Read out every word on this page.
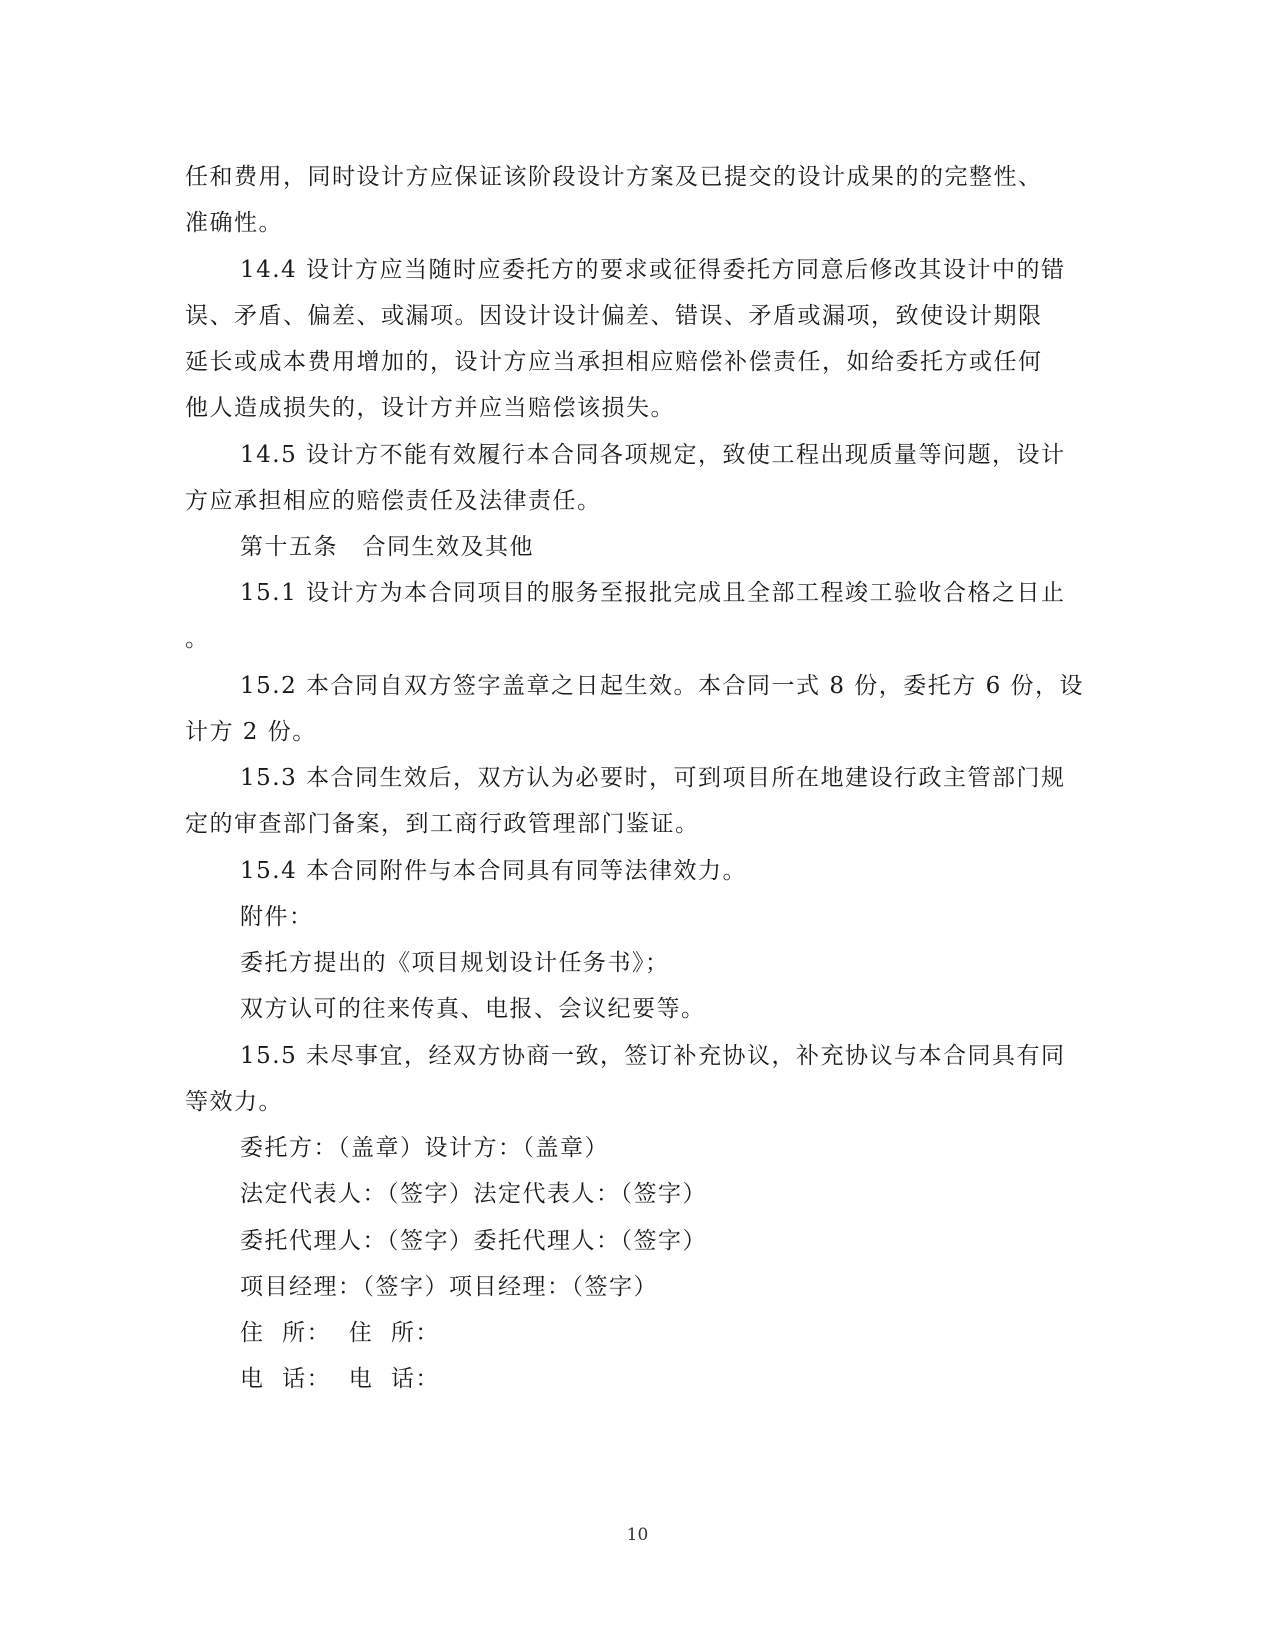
任和费用，同时设计方应保证该阶段设计方案及已提交的设计成果的的完整性、
准确性。
14.4 设计方应当随时应委托方的要求或征得委托方同意后修改其设计中的错
误、矛盾、偏差、或漏项。因设计设计偏差、错误、矛盾或漏项，致使设计期限
延长或成本费用增加的，设计方应当承担相应赔偿补偿责任，如给委托方或任何
他人造成损失的，设计方并应当赔偿该损失。
14.5 设计方不能有效履行本合同各项规定，致使工程出现质量等问题，设计
方应承担相应的赔偿责任及法律责任。
第十五条　合同生效及其他
15.1 设计方为本合同项目的服务至报批完成且全部工程竣工验收合格之日止
。
15.2 本合同自双方签字盖章之日起生效。本合同一式 8 份，委托方 6 份，设
计方 2 份。
15.3 本合同生效后，双方认为必要时，可到项目所在地建设行政主管部门规
定的审查部门备案，到工商行政管理部门鉴证。
15.4 本合同附件与本合同具有同等法律效力。
附件：
委托方提出的《项目规划设计任务书》；
双方认可的往来传真、电报、会议纪要等。
15.5 未尽事宜，经双方协商一致，签订补充协议，补充协议与本合同具有同
等效力。
委托方：（盖章）设计方：（盖章）
法定代表人：（签字）法定代表人：（签字）
委托代理人：（签字）委托代理人：（签字）
项目经理：（签字）项目经理：（签字）
住  所：  住  所：
电  话：  电  话：
10
